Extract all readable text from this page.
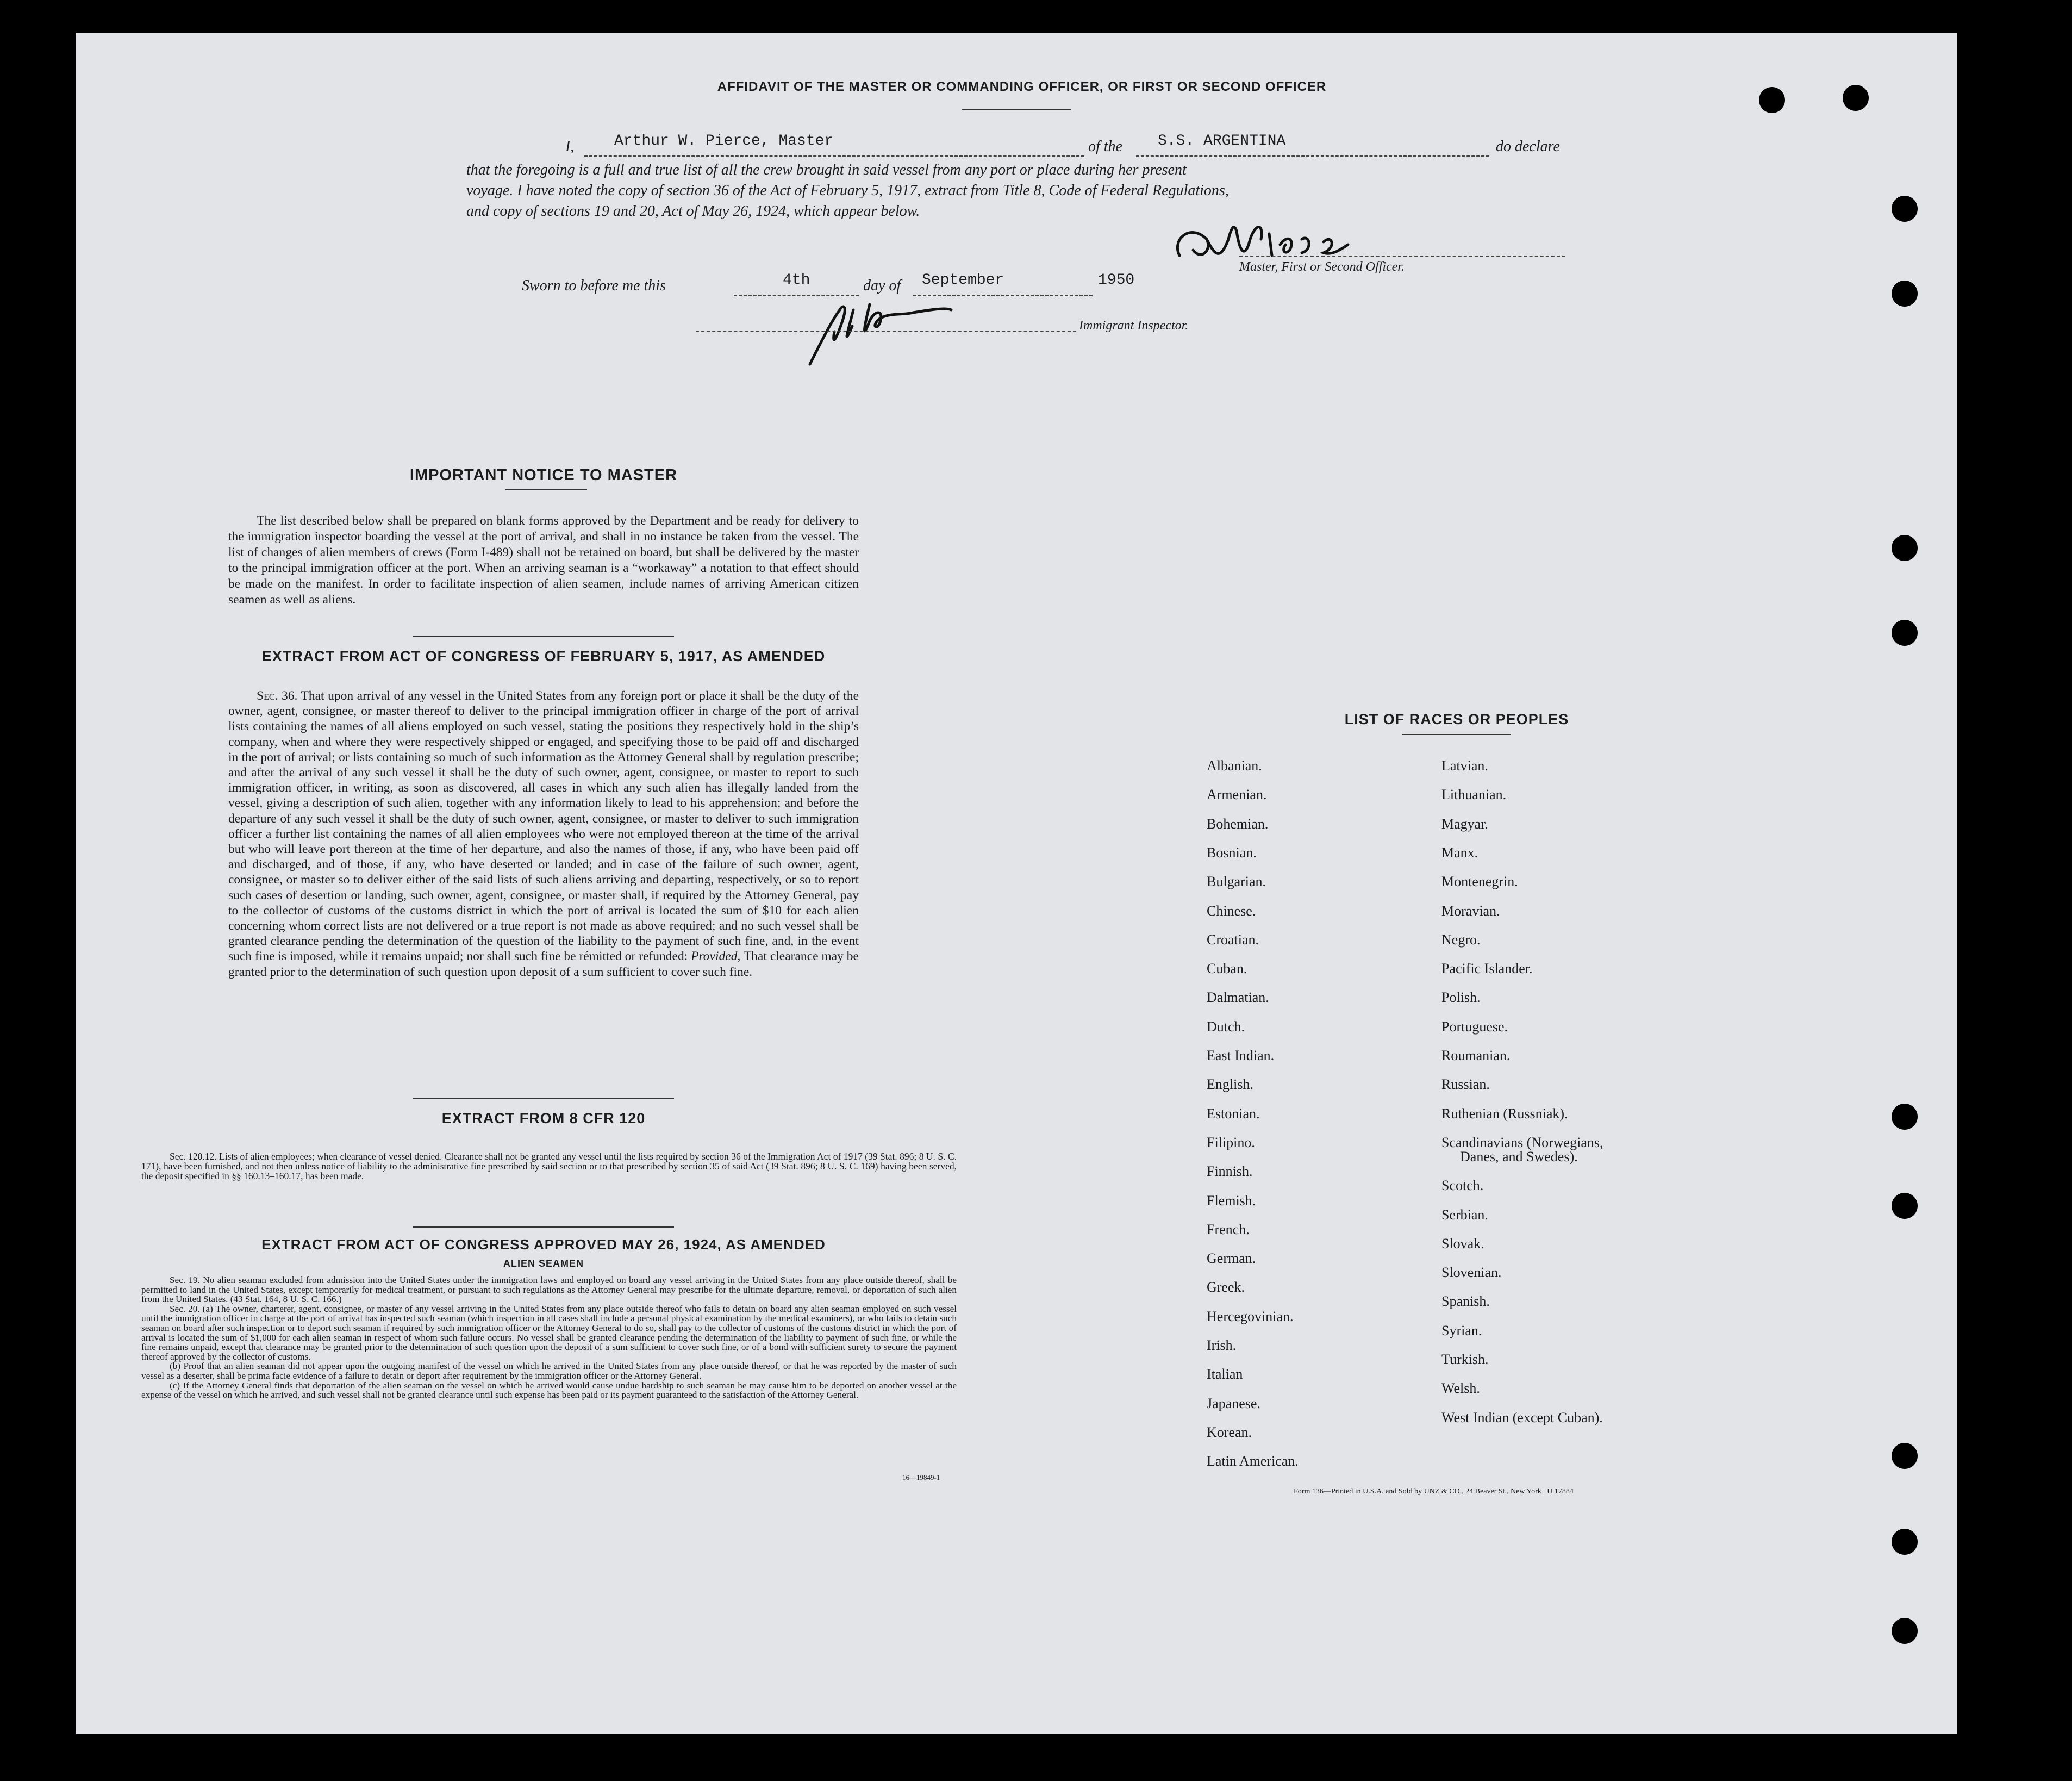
AFFIDAVIT OF THE MASTER OR COMMANDING OFFICER, OR FIRST OR SECOND OFFICER
I,	Arthur W. Pierce, Master	of the S.S. ARGENTINA	do declare
that the foregoing is a full and true list of all the crew brought in said vessel from any port or place during her present
voyage. I have noted the copy of section 36 of the Act of February 5, 1917, extract from Title 8, Code of Federal Regulations,
and copy of sections 19 and 20, Act of May 26, 1924, which appear below.
Master, First or Second Officer.
Sworn to before me this	4th	day of September	1950
Immigrant Inspector.
IMPORTANT NOTICE TO MASTER

The list described below shall be prepared on blank forms approved by the Department and be ready for delivery to the immigration inspector boarding the vessel at the port of arrival, and shall in no instance be taken from the vessel. The list of changes of alien members of crews (Form I-489) shall not be retained on board, but shall be delivered by the master to the principal immigration officer at the port. When an arriving seaman is a “workaway” a notation to that effect should be made on the manifest. In order to facilitate inspection of alien seamen, include names of arriving American citizen seamen as well as aliens.

EXTRACT FROM ACT OF CONGRESS OF FEBRUARY 5, 1917, AS AMENDED

Sec. 36. That upon arrival of any vessel in the United States from any foreign port or place it shall be the duty of the owner, agent, consignee, or master thereof to deliver to the principal immigration officer in charge of the port of arrival lists containing the names of all aliens employed on such vessel, stating the positions they respectively hold in the ship’s company, when and where they were respectively shipped or engaged, and specifying those to be paid off and discharged in the port of arrival; or lists containing so much of such information as the Attorney General shall by regulation prescribe; and after the arrival of any such vessel it shall be the duty of such owner, agent, consignee, or master to report to such immigration officer, in writing, as soon as discovered, all cases in which any such alien has illegally landed from the vessel, giving a description of such alien, together with any information likely to lead to his apprehension; and before the departure of any such vessel it shall be the duty of such owner, agent, consignee, or master to deliver to such immigration officer a further list containing the names of all alien employees who were not employed thereon at the time of the arrival but who will leave port thereon at the time of her departure, and also the names of those, if any, who have been paid off and discharged, and of those, if any, who have deserted or landed; and in case of the failure of such owner, agent, consignee, or master so to deliver either of the said lists of such aliens arriving and departing, respectively, or so to report such cases of desertion or landing, such owner, agent, consignee, or master shall, if required by the Attorney General, pay to the collector of customs of the customs district in which the port of arrival is located the sum of $10 for each alien concerning whom correct lists are not delivered or a true report is not made as above required; and no such vessel shall be granted clearance pending the determination of the question of the liability to the payment of such fine, and, in the event such fine is imposed, while it remains unpaid; nor shall such fine be rémitted or refunded: Provided, That clearance may be granted prior to the determination of such question upon deposit of a sum sufficient to cover such fine.

EXTRACT FROM 8 CFR 120

Sec. 120.12. Lists of alien employees; when clearance of vessel denied. Clearance shall not be granted any vessel until the lists required by section 36 of the Immigration Act of 1917 (39 Stat. 896; 8 U. S. C. 171), have been furnished, and not then unless notice of liability to the administrative fine prescribed by said section or to that prescribed by section 35 of said Act (39 Stat. 896; 8 U. S. C. 169) having been served, the deposit specified in §§ 160.13–160.17, has been made.

EXTRACT FROM ACT OF CONGRESS APPROVED MAY 26, 1924, AS AMENDED
ALIEN SEAMEN

Sec. 19. No alien seaman excluded from admission into the United States under the immigration laws and employed on board any vessel arriving in the United States from any place outside thereof, shall be permitted to land in the United States, except temporarily for medical treatment, or pursuant to such regulations as the Attorney General may prescribe for the ultimate departure, removal, or deportation of such alien from the United States. (43 Stat. 164, 8 U. S. C. 166.)

Sec. 20. (a) The owner, charterer, agent, consignee, or master of any vessel arriving in the United States from any place outside thereof who fails to detain on board any alien seaman employed on such vessel until the immigration officer in charge at the port of arrival has inspected such seaman (which inspection in all cases shall include a personal physical examination by the medical examiners), or who fails to detain such seaman on board after such inspection or to deport such seaman if required by such immigration officer or the Attorney General to do so, shall pay to the collector of customs of the customs district in which the port of arrival is located the sum of $1,000 for each alien seaman in respect of whom such failure occurs. No vessel shall be granted clearance pending the determination of the liability to payment of such fine, or while the fine remains unpaid, except that clearance may be granted prior to the determination of such question upon the deposit of a sum sufficient to cover such fine, or of a bond with sufficient surety to secure the payment thereof approved by the collector of customs.

(b) Proof that an alien seaman did not appear upon the outgoing manifest of the vessel on which he arrived in the United States from any place outside thereof, or that he was reported by the master of such vessel as a deserter, shall be prima facie evidence of a failure to detain or deport after requirement by the immigration officer or the Attorney General.

(c) If the Attorney General finds that deportation of the alien seaman on the vessel on which he arrived would cause undue hardship to such seaman he may cause him to be deported on another vessel at the expense of the vessel on which he arrived, and such vessel shall not be granted clearance until such expense has been paid or its payment guaranteed to the satisfaction of the Attorney General.

16—19849-1
LIST OF RACES OR PEOPLES
Form 136—Printed in U.S.A. and Sold by UNZ & CO., 24 Beaver St., New York   U 17884
Albanian.
Armenian.
Bohemian.
Bosnian.
Bulgarian.
Chinese.
Croatian.
Cuban.
Dalmatian.
Dutch.
East Indian.
English.
Estonian.
Filipino.
Finnish.
Flemish.
French.
German.
Greek.
Hercegovinian.
Irish.
Italian
Japanese.
Korean.
Latin American.
Latvian.
Lithuanian.
Magyar.
Manx.
Montenegrin.
Moravian.
Negro.
Pacific Islander.
Polish.
Portuguese.
Roumanian.
Russian.
Ruthenian (Russniak).
Scandinavians (Norwegians,
Danes, and Swedes).
Scotch.
Serbian.
Slovak.
Slovenian.
Spanish.
Syrian.
Turkish.
Welsh.
West Indian (except Cuban).
